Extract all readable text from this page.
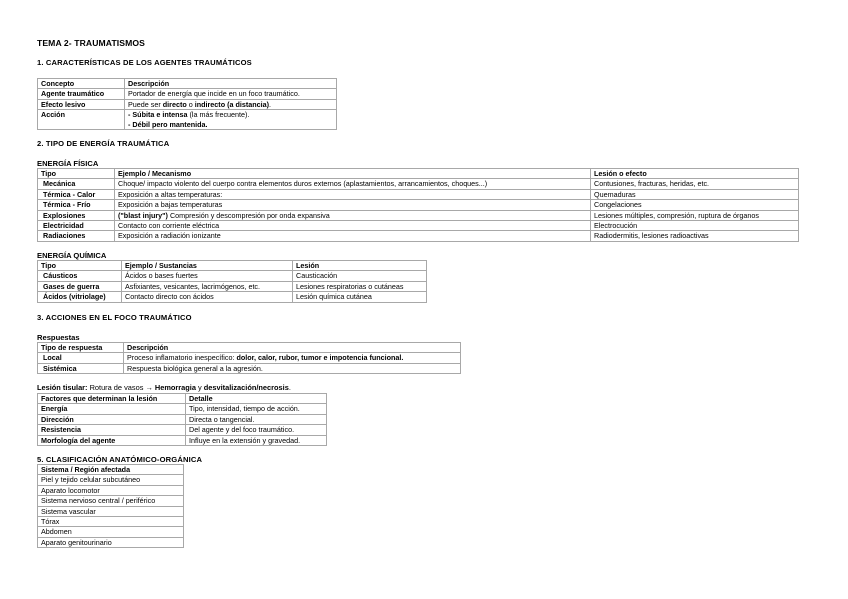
TEMA 2- TRAUMATISMOS
1. CARACTERÍSTICAS DE LOS AGENTES TRAUMÁTICOS
Concepto	Descripción
Agente traumático	Portador de energía que incide en un foco traumático.
Efecto lesivo	Puede ser directo o indirecto (a distancia).
Acción	- Súbita e intensa (la más frecuente).
- Débil pero mantenida.
2. TIPO DE ENERGÍA TRAUMÁTICA
ENERGÍA FÍSICA
Tipo	Ejemplo / Mecanismo	Lesión o efecto
Mecánica	Choque/ impacto violento del cuerpo contra elementos duros externos (aplastamientos, arrancamientos, choques...)	Contusiones, fracturas, heridas, etc.
Térmica - Calor	Exposición a altas temperaturas:	Quemaduras
Térmica - Frío	Exposición a bajas temperaturas	Congelaciones
Explosiones	("blast injury") Compresión y descompresión por onda expansiva	Lesiones múltiples, compresión, ruptura de órganos
Electricidad	Contacto con corriente eléctrica	Electrocución
Radiaciones	Exposición a radiación ionizante	Radiodermitis, lesiones radioactivas
ENERGÍA QUÍMICA
Tipo	Ejemplo / Sustancias	Lesión
Cáusticos	Ácidos o bases fuertes	Causticación
Gases de guerra	Asfixiantes, vesicantes, lacrimógenos, etc.	Lesiones respiratorias o cutáneas
Ácidos (vitriolage)	Contacto directo con ácidos	Lesión química cutánea
3. ACCIONES EN EL FOCO TRAUMÁTICO
Respuestas
Tipo de respuesta	Descripción
Local	Proceso inflamatorio inespecífico: dolor, calor, rubor, tumor e impotencia funcional.
Sistémica	Respuesta biológica general a la agresión.
Lesión tisular: Rotura de vasos → Hemorragia y desvitalización/necrosis.
Factores que determinan la lesión	Detalle
Energía	Tipo, intensidad, tiempo de acción.
Dirección	Directa o tangencial.
Resistencia	Del agente y del foco traumático.
Morfología del agente	Influye en la extensión y gravedad.
5. CLASIFICACIÓN ANATÓMICO-ORGÁNICA
Sistema / Región afectada
Piel y tejido celular subcutáneo
Aparato locomotor
Sistema nervioso central / periférico
Sistema vascular
Tórax
Abdomen
Aparato genitourinario
